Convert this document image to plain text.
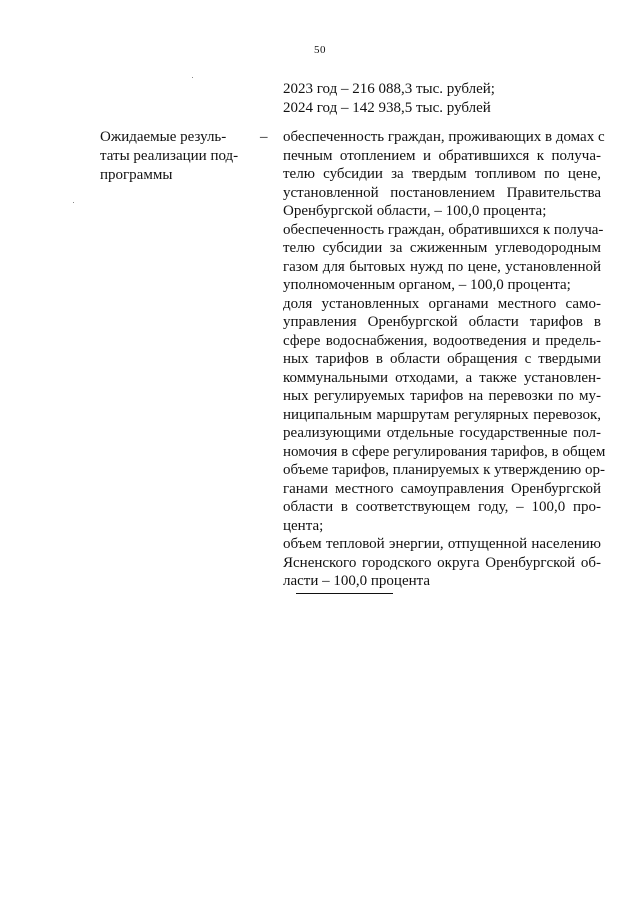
50
2023 год – 216 088,3 тыс. рублей;
2024 год – 142 938,5 тыс. рублей
Ожидаемые резуль-
таты реализации под-
программы
– обеспеченность граждан, проживающих в домах с
печным отоплением и обратившихся к получа-
телю субсидии за твердым топливом по цене,
установленной постановлением Правительства
Оренбургской области, – 100,0 процента;
обеспеченность граждан, обратившихся к получа-
телю субсидии за сжиженным углеводородным
газом для бытовых нужд по цене, установленной
уполномоченным органом, – 100,0 процента;
доля установленных органами местного само-
управления Оренбургской области тарифов в
сфере водоснабжения, водоотведения и предель-
ных тарифов в области обращения с твердыми
коммунальными отходами, а также установлен-
ных регулируемых тарифов на перевозки по му-
ниципальным маршрутам регулярных перевозок,
реализующими отдельные государственные пол-
номочия в сфере регулирования тарифов, в общем
объеме тарифов, планируемых к утверждению ор-
ганами местного самоуправления Оренбургской
области в соответствующем году, – 100,0 про-
цента;
объем тепловой энергии, отпущенной населению
Ясненского городского округа Оренбургской об-
ласти – 100,0 процента
